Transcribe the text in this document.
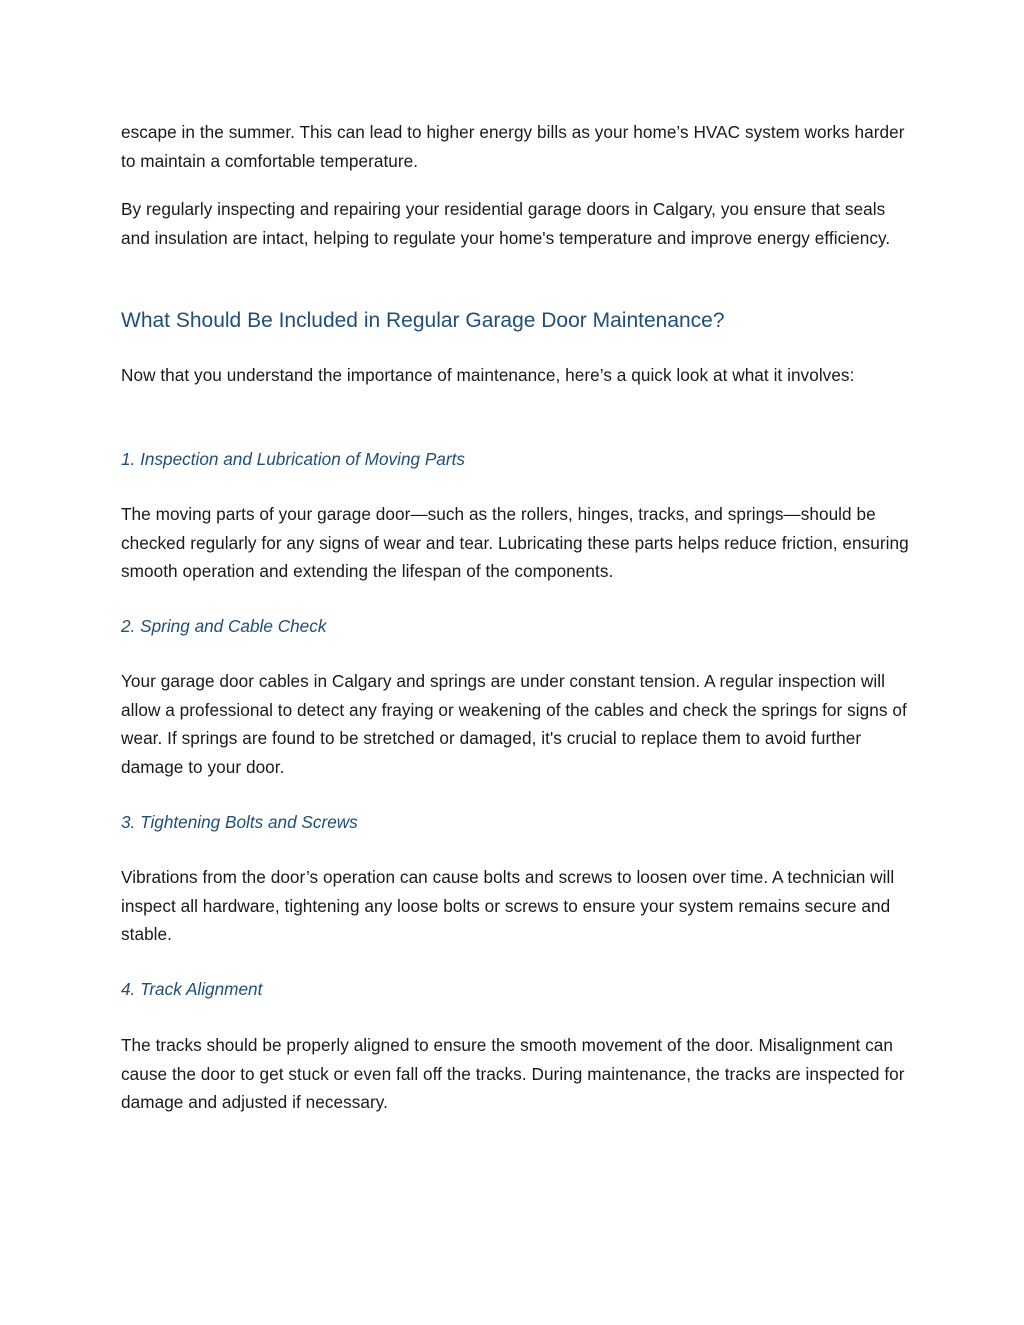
escape in the summer. This can lead to higher energy bills as your home’s HVAC system works harder to maintain a comfortable temperature.

By regularly inspecting and repairing your residential garage doors in Calgary, you ensure that seals and insulation are intact, helping to regulate your home's temperature and improve energy efficiency.

What Should Be Included in Regular Garage Door Maintenance?

Now that you understand the importance of maintenance, here’s a quick look at what it involves:

1. Inspection and Lubrication of Moving Parts

The moving parts of your garage door—such as the rollers, hinges, tracks, and springs—should be checked regularly for any signs of wear and tear. Lubricating these parts helps reduce friction, ensuring smooth operation and extending the lifespan of the components.

2. Spring and Cable Check

Your garage door cables in Calgary and springs are under constant tension. A regular inspection will allow a professional to detect any fraying or weakening of the cables and check the springs for signs of wear. If springs are found to be stretched or damaged, it's crucial to replace them to avoid further damage to your door.

3. Tightening Bolts and Screws

Vibrations from the door’s operation can cause bolts and screws to loosen over time. A technician will inspect all hardware, tightening any loose bolts or screws to ensure your system remains secure and stable.

4. Track Alignment

The tracks should be properly aligned to ensure the smooth movement of the door. Misalignment can cause the door to get stuck or even fall off the tracks. During maintenance, the tracks are inspected for damage and adjusted if necessary.
